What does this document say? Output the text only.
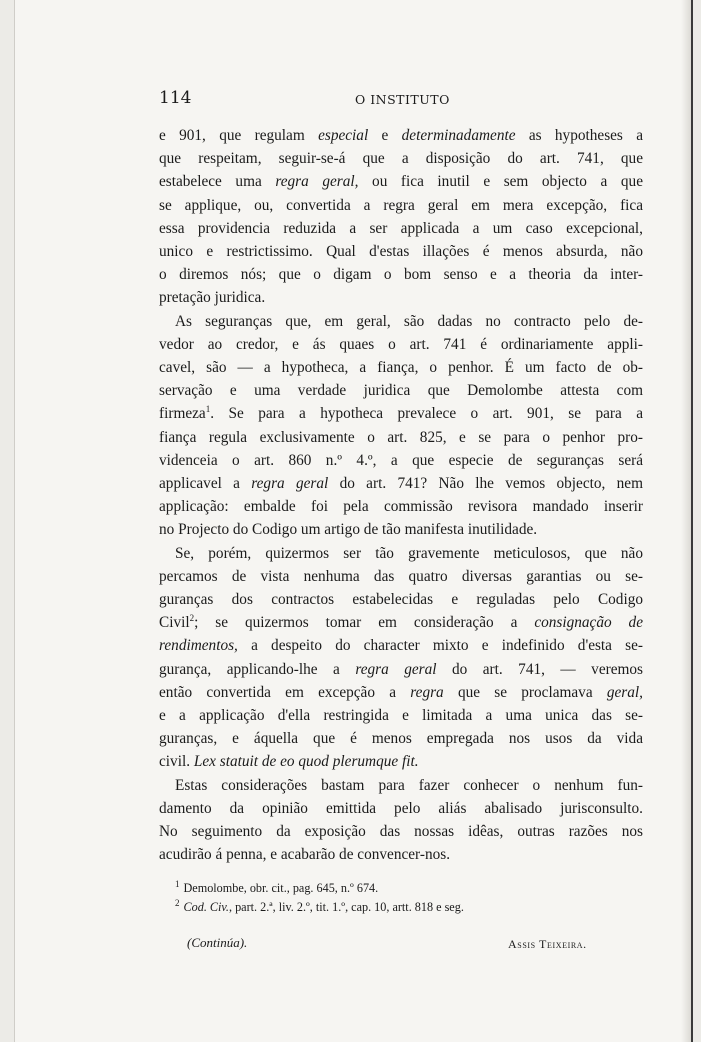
114	O INSTITUTO
e 901, que regulam especial e determinadamente as hypotheses a
que respeitam, seguir-se-á que a disposição do art. 741, que
estabelece uma regra geral, ou fica inutil e sem objecto a que
se applique, ou, convertida a regra geral em mera excepção, fica
essa providencia reduzida a ser applicada a um caso excepcional,
unico e restrictissimo. Qual d'estas illações é menos absurda, não
o diremos nós; que o digam o bom senso e a theoria da inter-
pretação juridica.
As seguranças que, em geral, são dadas no contracto pelo de-
vedor ao credor, e ás quaes o art. 741 é ordinariamente appli-
cavel, são — a hypotheca, a fiança, o penhor. É um facto de ob-
servação e uma verdade juridica que Demolombe attesta com
firmeza$^1$. Se para a hypotheca prevalece o art. 901, se para a
fiança regula exclusivamente o art. 825, e se para o penhor pro-
videnceia o art. 860 n.º 4.º, a que especie de seguranças será
applicavel a regra geral do art. 741? Não lhe vemos objecto, nem
applicação: embalde foi pela commissão revisora mandado inserir
no Projecto do Codigo um artigo de tão manifesta inutilidade.
Se, porém, quizermos ser tão gravemente meticulosos, que não
percamos de vista nenhuma das quatro diversas garantias ou se-
guranças dos contractos estabelecidas e reguladas pelo Codigo
Civil$^2$; se quizermos tomar em consideração a consignação de
rendimentos, a despeito do character mixto e indefinido d'esta se-
gurança, applicando-lhe a regra geral do art. 741, — veremos
então convertida em excepção a regra que se proclamava geral,
e a applicação d'ella restringida e limitada a uma unica das se-
guranças, e áquella que é menos empregada nos usos da vida
civil. Lex statuit de eo quod plerumque fit.
Estas considerações bastam para fazer conhecer o nenhum fun-
damento da opinião emittida pelo aliás abalisado jurisconsulto.
No seguimento da exposição das nossas idêas, outras razões nos
acudirão á penna, e acabarão de convencer-nos.
$^1$ Demolombe, obr. cit., pag. 645, n.º 674.
$^2$ Cod. Civ., part. 2.ª, liv. 2.º, tit. 1.º, cap. 10, artt. 818 e seg.
(Continúa).	Assis Teixeira.
